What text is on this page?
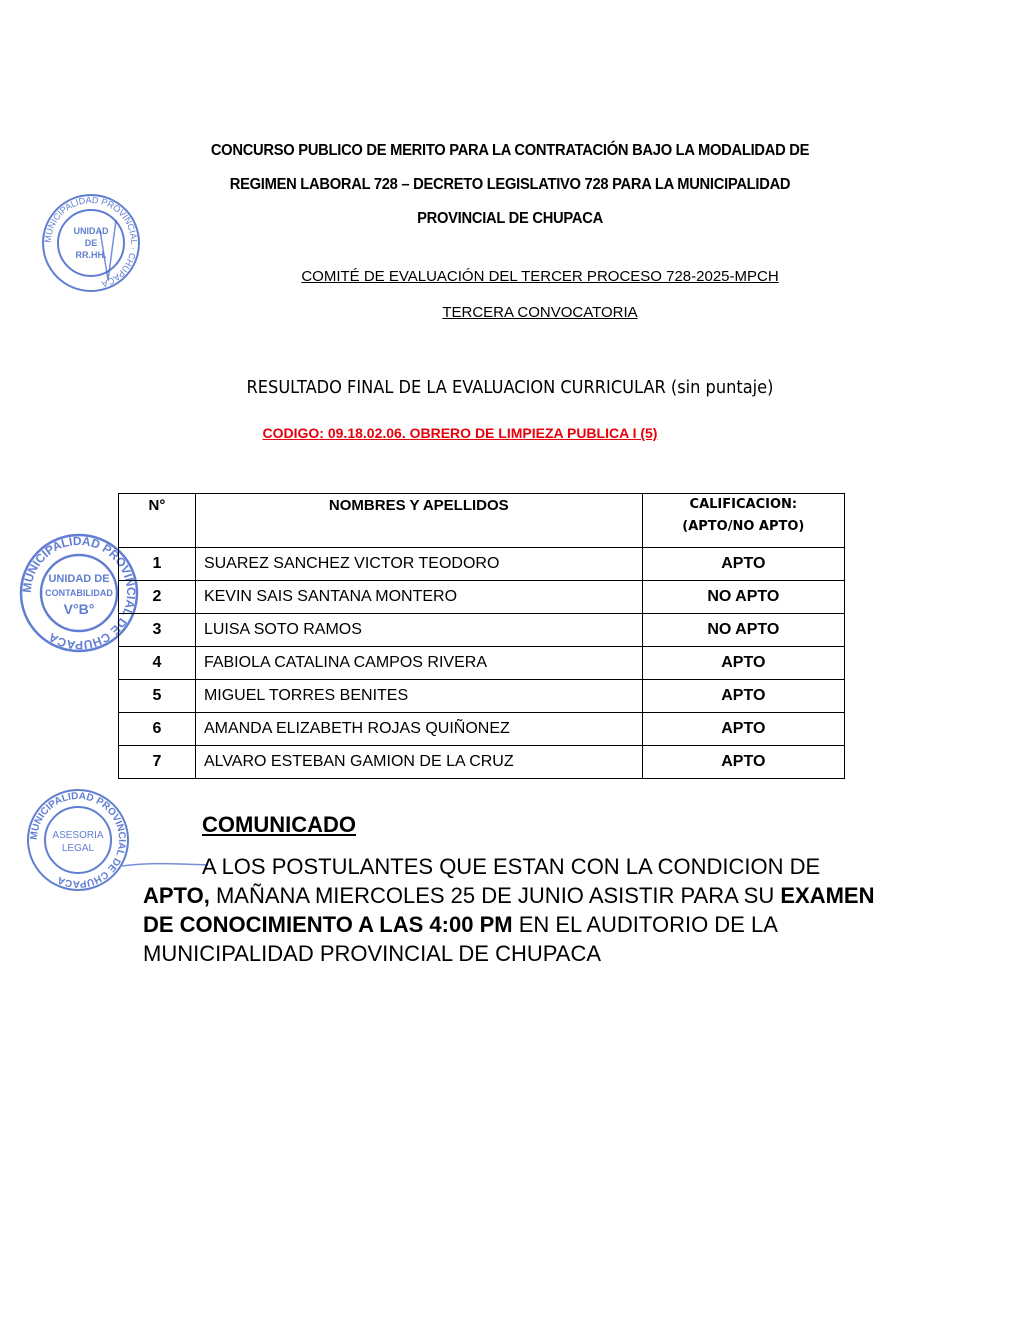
CONCURSO PUBLICO DE MERITO PARA LA CONTRATACIÓN BAJO LA MODALIDAD DE
REGIMEN LABORAL 728 – DECRETO LEGISLATIVO 728 PARA LA MUNICIPALIDAD
PROVINCIAL DE CHUPACA
COMITÉ DE EVALUACIÓN DEL TERCER PROCESO 728-2025-MPCH
TERCERA CONVOCATORIA
RESULTADO FINAL DE LA EVALUACION CURRICULAR (sin puntaje)
CODIGO: 09.18.02.06. OBRERO DE LIMPIEZA PUBLICA I (5)
MUNICIPALIDAD PROVINCIAL · CHUPACA
UNIDAD
DE
RR.HH.
MUNICIPALIDAD PROVINCIAL DE CHUPACA
UNIDAD DE
CONTABILIDAD
V°B°
N°	NOMBRES Y APELLIDOS	CALIFICACION:
(APTO/NO APTO)
1	SUAREZ SANCHEZ VICTOR TEODORO	APTO
2	KEVIN SAIS SANTANA MONTERO	NO APTO
3	LUISA SOTO RAMOS	NO APTO
4	FABIOLA CATALINA CAMPOS RIVERA	APTO
5	MIGUEL TORRES BENITES	APTO
6	AMANDA ELIZABETH ROJAS QUIÑONEZ	APTO
7	ALVARO ESTEBAN GAMION DE LA CRUZ	APTO
MUNICIPALIDAD PROVINCIAL DE CHUPACA
ASESORIA
LEGAL
COMUNICADO
A LOS POSTULANTES QUE ESTAN CON LA CONDICION DE
APTO, MAÑANA MIERCOLES 25 DE JUNIO ASISTIR PARA SU EXAMEN DE CONOCIMIENTO A LAS 4:00 PM EN EL AUDITORIO DE LA MUNICIPALIDAD PROVINCIAL DE CHUPACA
